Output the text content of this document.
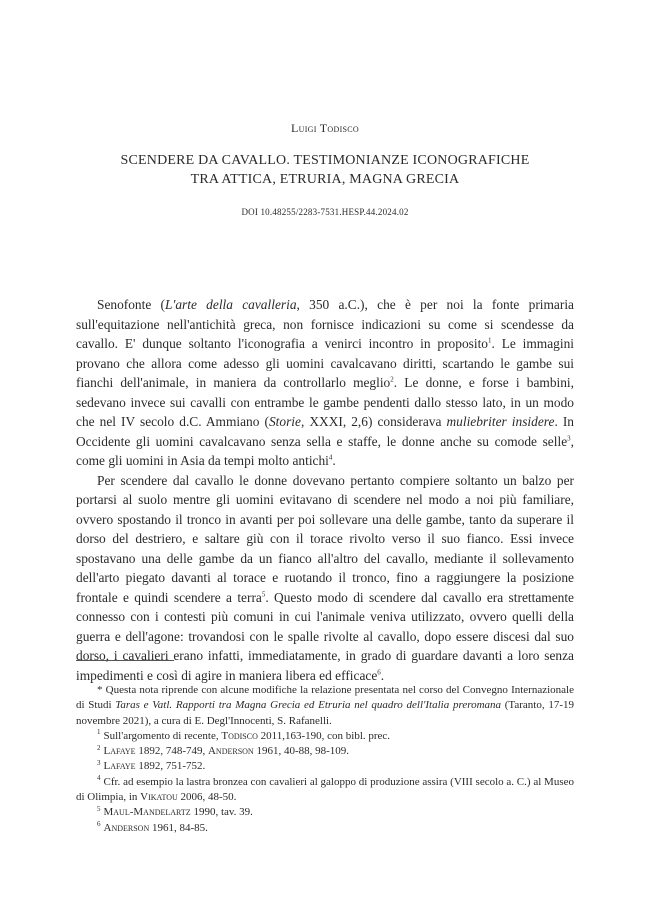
Luigi Todisco
SCENDERE DA CAVALLO. TESTIMONIANZE ICONOGRAFICHE
TRA ATTICA, ETRURIA, MAGNA GRECIA
DOI 10.48255/2283-7531.HESP.44.2024.02

Senofonte (L'arte della cavalleria, 350 a.C.), che è per noi la fonte primaria sull'equitazione nell'antichità greca, non fornisce indicazioni su come si scendesse da cavallo. E' dunque soltanto l'iconografia a venirci incontro in proposito$^1$. Le immagini provano che allora come adesso gli uomini cavalcavano diritti, scartando le gambe sui fianchi dell'animale, in maniera da controllarlo meglio$^2$. Le donne, e forse i bambini, sedevano invece sui cavalli con entrambe le gambe pendenti dallo stesso lato, in un modo che nel IV secolo d.C. Ammiano (Storie, XXXI, 2,6) considerava muliebriter insidere. In Occidente gli uomini cavalcavano senza sella e staffe, le donne anche su comode selle$^3$, come gli uomini in Asia da tempi molto antichi$^4$.

Per scendere dal cavallo le donne dovevano pertanto compiere soltanto un balzo per portarsi al suolo mentre gli uomini evitavano di scendere nel modo a noi più familiare, ovvero spostando il tronco in avanti per poi sollevare una delle gambe, tanto da superare il dorso del destriero, e saltare giù con il torace rivolto verso il suo fianco. Essi invece spostavano una delle gambe da un fianco all'altro del cavallo, mediante il sollevamento dell'arto piegato davanti al torace e ruotando il tronco, fino a raggiungere la posizione frontale e quindi scendere a terra$^5$. Questo modo di scendere dal cavallo era strettamente connesso con i contesti più comuni in cui l'animale veniva utilizzato, ovvero quelli della guerra e dell'agone: trovandosi con le spalle rivolte al cavallo, dopo essere discesi dal suo dorso, i cavalieri erano infatti, immediatamente, in grado di guardare davanti a loro senza impedimenti e così di agire in maniera libera ed efficace$^6$.

* Questa nota riprende con alcune modifiche la relazione presentata nel corso del Convegno Internazionale di Studi Taras e Vatl. Rapporti tra Magna Grecia ed Etruria nel quadro dell'Italia preromana (Taranto, 17-19 novembre 2021), a cura di E. Degl'Innocenti, S. Rafanelli.

$^1$ Sull'argomento di recente, Todisco 2011,163-190, con bibl. prec.

$^2$ Lafaye 1892, 748-749, Anderson 1961, 40-88, 98-109.

$^3$ Lafaye 1892, 751-752.

$^4$ Cfr. ad esempio la lastra bronzea con cavalieri al galoppo di produzione assira (VIII secolo a. C.) al Museo di Olimpia, in Vikatou 2006, 48-50.

$^5$ Maul-Mandelartz 1990, tav. 39.

$^6$ Anderson 1961, 84-85.
